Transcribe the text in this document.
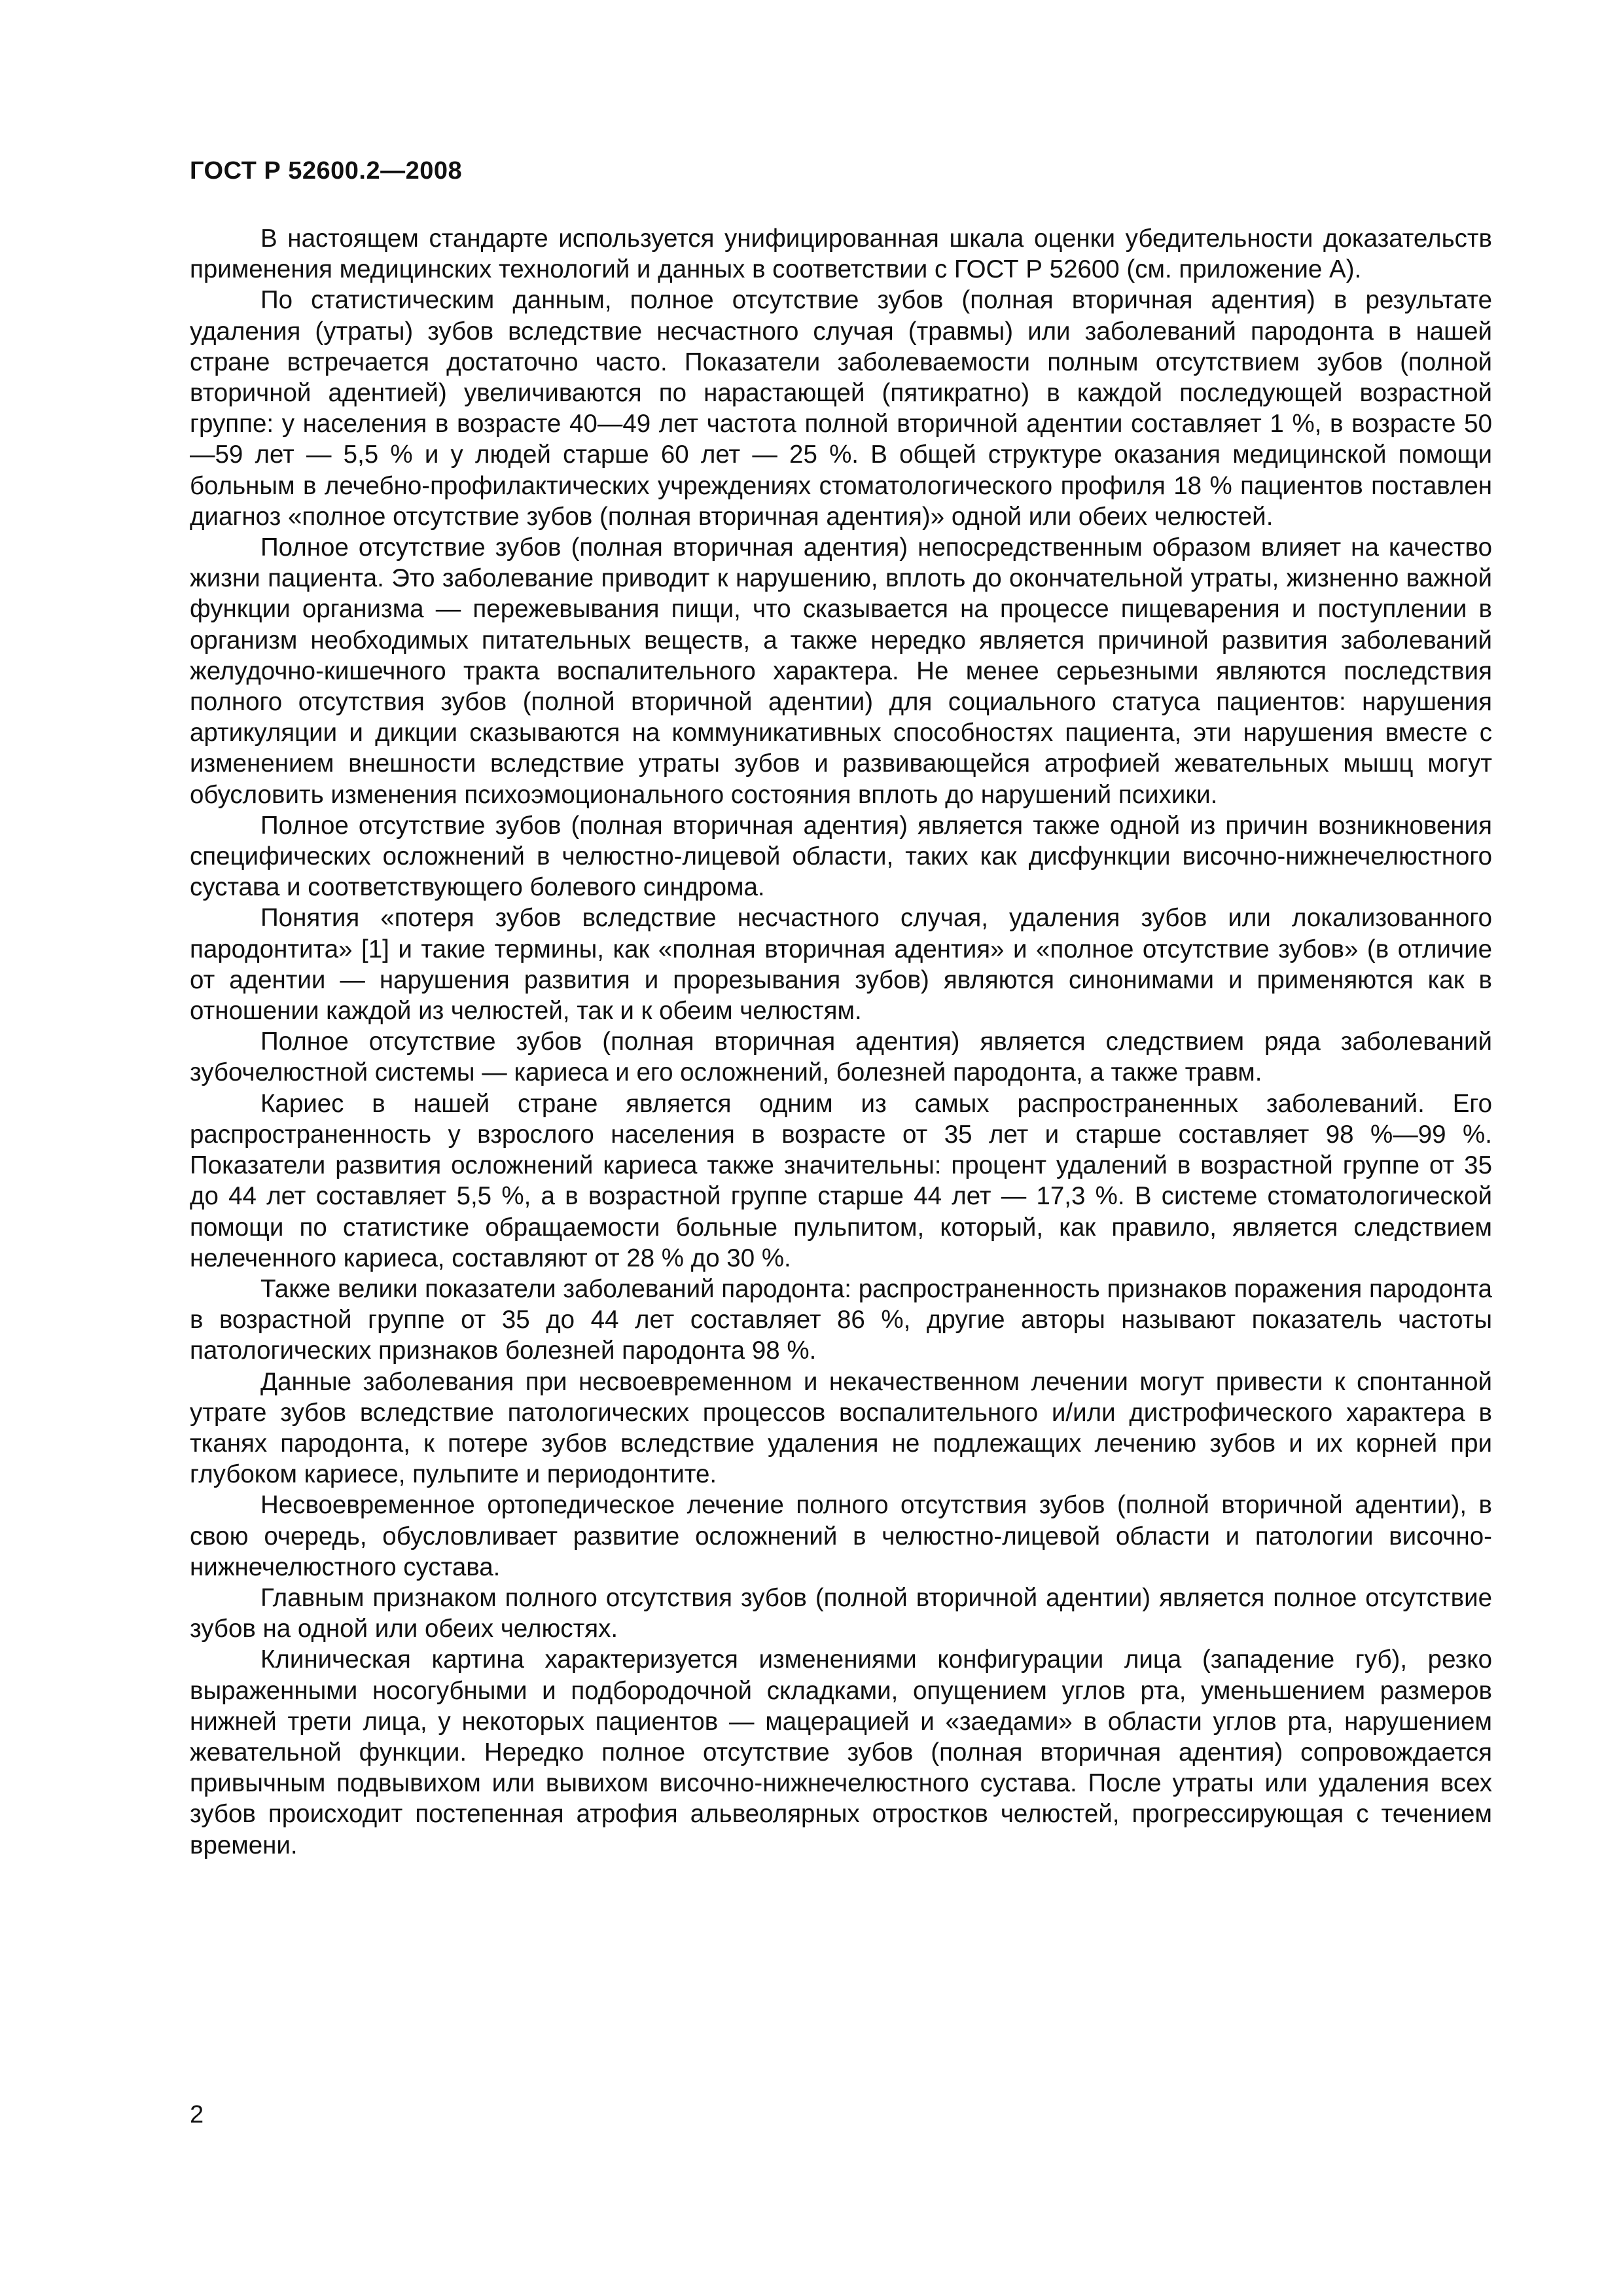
ГОСТ Р 52600.2—2008

В настоящем стандарте используется унифицированная шкала оценки убедительности доказательств применения медицинских технологий и данных в соответствии с ГОСТ Р 52600 (см. приложение А).

По статистическим данным, полное отсутствие зубов (полная вторичная адентия) в результате удаления (утраты) зубов вследствие несчастного случая (травмы) или заболеваний пародонта в нашей стране встречается достаточно часто. Показатели заболеваемости полным отсутствием зубов (полной вторичной адентией) увеличиваются по нарастающей (пятикратно) в каждой последующей возрастной группе: у населения в возрасте 40—49 лет частота полной вторичной адентии составляет 1 %, в возрасте 50—59 лет — 5,5 % и у людей старше 60 лет — 25 %. В общей структуре оказания медицинской помощи больным в лечебно-профилактических учреждениях стоматологического профиля 18 % пациентов поставлен диагноз «полное отсутствие зубов (полная вторичная адентия)» одной или обеих челюстей.

Полное отсутствие зубов (полная вторичная адентия) непосредственным образом влияет на качество жизни пациента. Это заболевание приводит к нарушению, вплоть до окончательной утраты, жизненно важной функции организма — пережевывания пищи, что сказывается на процессе пищеварения и поступлении в организм необходимых питательных веществ, а также нередко является причиной развития заболеваний желудочно-кишечного тракта воспалительного характера. Не менее серьезными являются последствия полного отсутствия зубов (полной вторичной адентии) для социального статуса пациентов: нарушения артикуляции и дикции сказываются на коммуникативных способностях пациента, эти нарушения вместе с изменением внешности вследствие утраты зубов и развивающейся атрофией жевательных мышц могут обусловить изменения психоэмоционального состояния вплоть до нарушений психики.

Полное отсутствие зубов (полная вторичная адентия) является также одной из причин возникновения специфических осложнений в челюстно-лицевой области, таких как дисфункции височно-нижнечелюстного сустава и соответствующего болевого синдрома.

Понятия «потеря зубов вследствие несчастного случая, удаления зубов или локализованного пародонтита» [1] и такие термины, как «полная вторичная адентия» и «полное отсутствие зубов» (в отличие от адентии — нарушения развития и прорезывания зубов) являются синонимами и применяются как в отношении каждой из челюстей, так и к обеим челюстям.

Полное отсутствие зубов (полная вторичная адентия) является следствием ряда заболеваний зубочелюстной системы — кариеса и его осложнений, болезней пародонта, а также травм.

Кариес в нашей стране является одним из самых распространенных заболеваний. Его распространенность у взрослого населения в возрасте от 35 лет и старше составляет 98 %—99 %. Показатели развития осложнений кариеса также значительны: процент удалений в возрастной группе от 35 до 44 лет составляет 5,5 %, а в возрастной группе старше 44 лет — 17,3 %. В системе стоматологической помощи по статистике обращаемости больные пульпитом, который, как правило, является следствием нелеченного кариеса, составляют от 28 % до 30 %.

Также велики показатели заболеваний пародонта: распространенность признаков поражения пародонта в возрастной группе от 35 до 44 лет составляет 86 %, другие авторы называют показатель частоты патологических признаков болезней пародонта 98 %.

Данные заболевания при несвоевременном и некачественном лечении могут привести к спонтанной утрате зубов вследствие патологических процессов воспалительного и/или дистрофического характера в тканях пародонта, к потере зубов вследствие удаления не подлежащих лечению зубов и их корней при глубоком кариесе, пульпите и периодонтите.

Несвоевременное ортопедическое лечение полного отсутствия зубов (полной вторичной адентии), в свою очередь, обусловливает развитие осложнений в челюстно-лицевой области и патологии височно-нижнечелюстного сустава.

Главным признаком полного отсутствия зубов (полной вторичной адентии) является полное отсутствие зубов на одной или обеих челюстях.

Клиническая картина характеризуется изменениями конфигурации лица (западение губ), резко выраженными носогубными и подбородочной складками, опущением углов рта, уменьшением размеров нижней трети лица, у некоторых пациентов — мацерацией и «заедами» в области углов рта, нарушением жевательной функции. Нередко полное отсутствие зубов (полная вторичная адентия) сопровождается привычным подвывихом или вывихом височно-нижнечелюстного сустава. После утраты или удаления всех зубов происходит постепенная атрофия альвеолярных отростков челюстей, прогрессирующая с течением времени.

2
